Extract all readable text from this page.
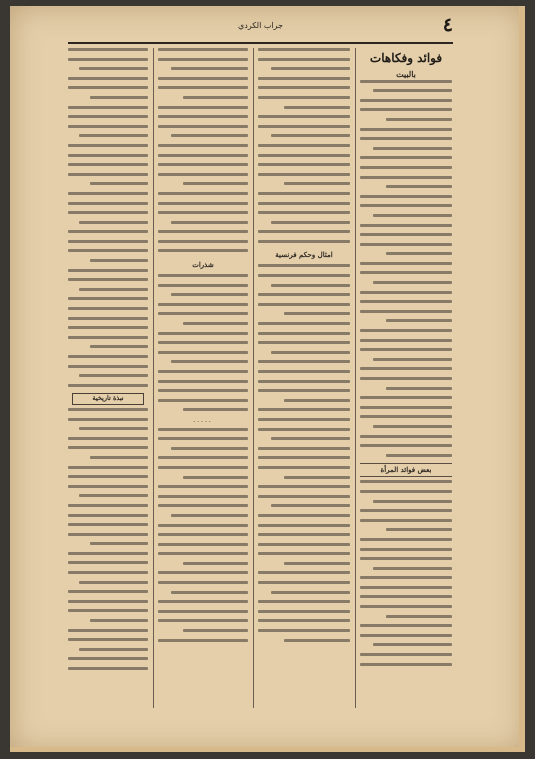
٤
جراب الكردي
فوائد وفكاهات
بالبيت
بعض فوائد المرأة
امثال وحكم فرنسية
شذرات
·····
نبذة تاريخية
